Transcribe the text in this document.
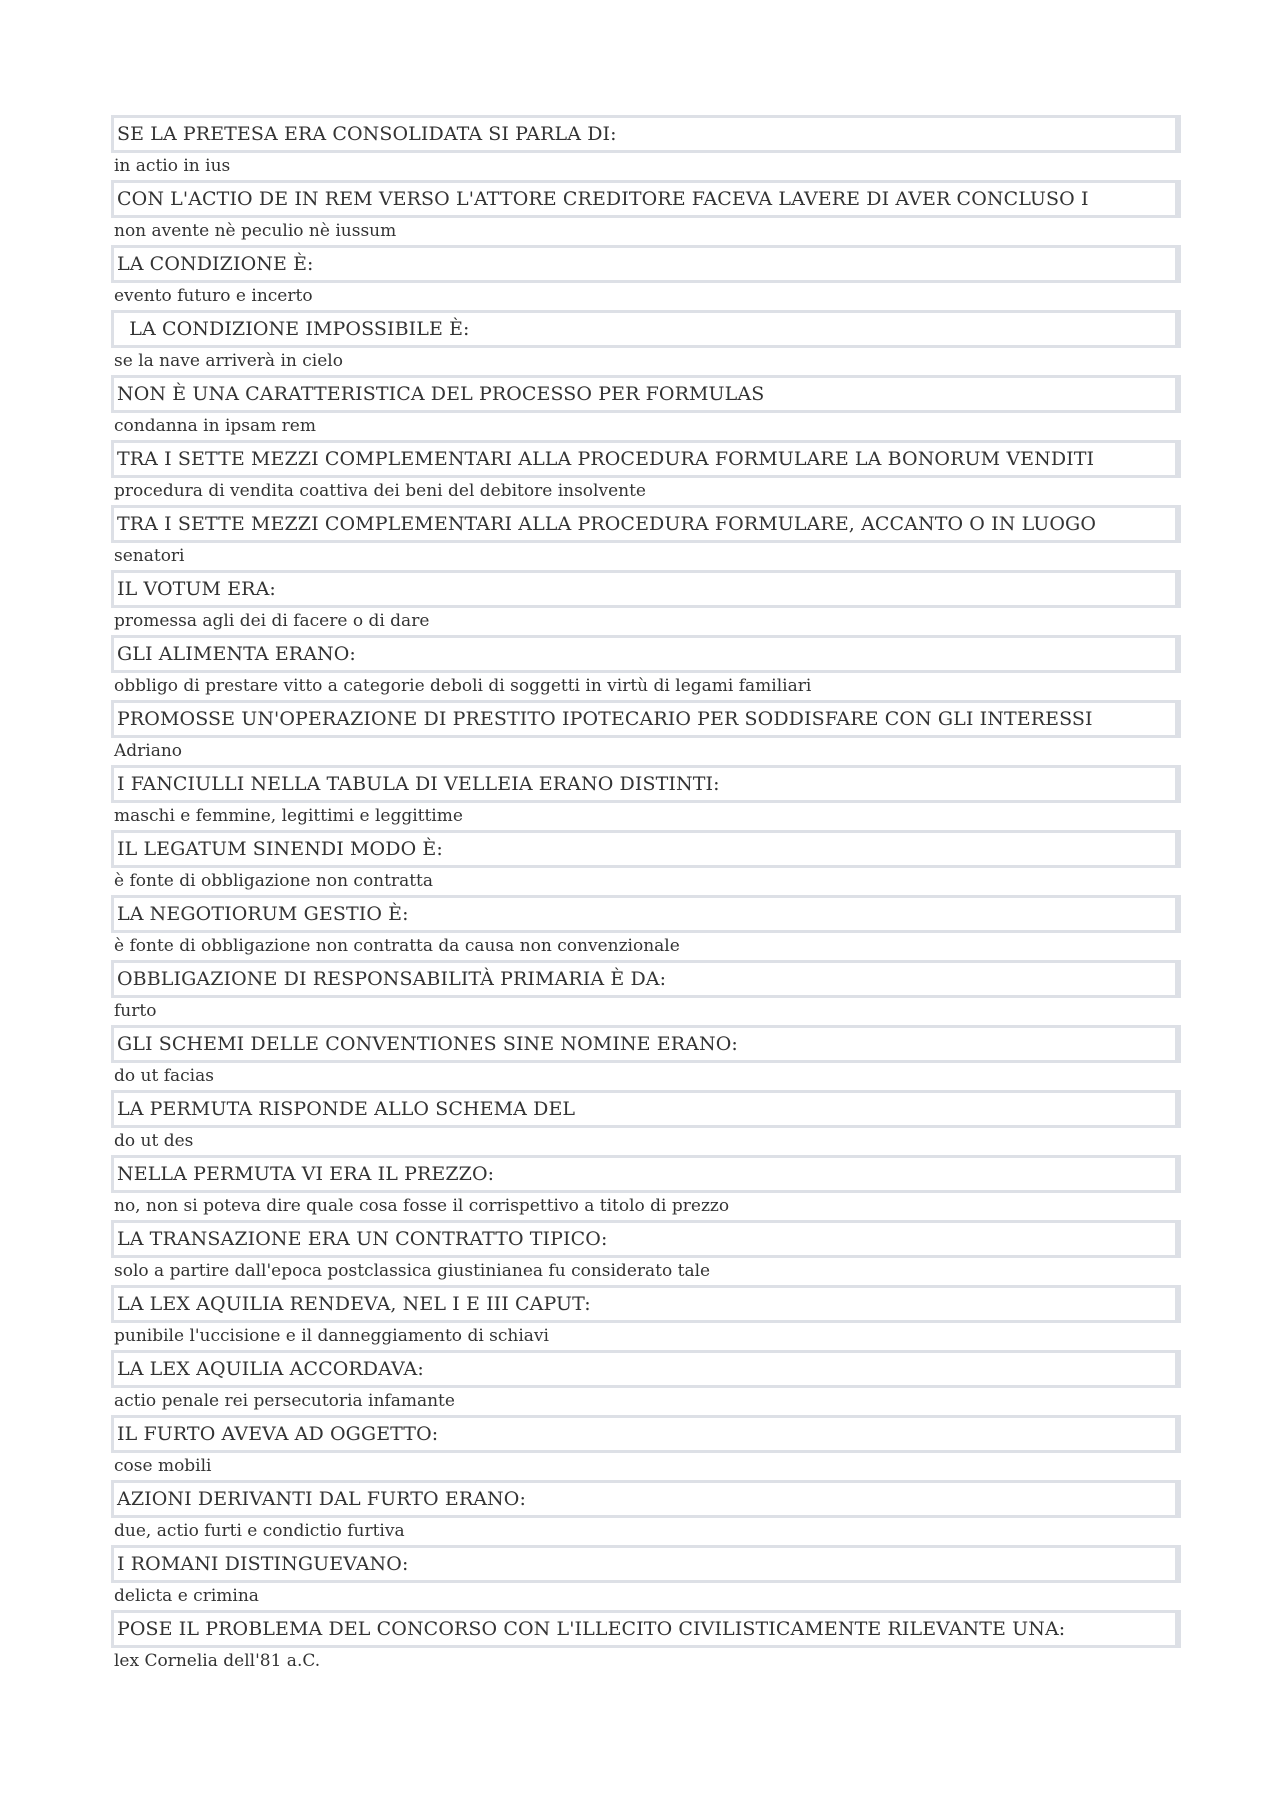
SE LA PRETESA ERA CONSOLIDATA SI PARLA DI:
in actio in ius
CON L'ACTIO DE IN REM VERSO L'ATTORE CREDITORE FACEVA LAVERE DI AVER CONCLUSO I
non avente nè peculio nè iussum
LA CONDIZIONE È:
evento futuro e incerto
LA CONDIZIONE IMPOSSIBILE È:
se la nave arriverà in cielo
NON È UNA CARATTERISTICA DEL PROCESSO PER FORMULAS
condanna in ipsam rem
TRA I SETTE MEZZI COMPLEMENTARI ALLA PROCEDURA FORMULARE LA BONORUM VENDITI
procedura di vendita coattiva dei beni del debitore insolvente
TRA I SETTE MEZZI COMPLEMENTARI ALLA PROCEDURA FORMULARE, ACCANTO O IN LUOGO
senatori
IL VOTUM ERA:
promessa agli dei di facere o di dare
GLI ALIMENTA ERANO:
obbligo di prestare vitto a categorie deboli di soggetti in virtù di legami familiari
PROMOSSE UN'OPERAZIONE DI PRESTITO IPOTECARIO PER SODDISFARE CON GLI INTERESSI
Adriano
I FANCIULLI NELLA TABULA DI VELLEIA ERANO DISTINTI:
maschi e femmine, legittimi e leggittime
IL LEGATUM SINENDI MODO È:
è fonte di obbligazione non contratta
LA NEGOTIORUM GESTIO È:
è fonte di obbligazione non contratta da causa non convenzionale
OBBLIGAZIONE DI RESPONSABILITÀ PRIMARIA È DA:
furto
GLI SCHEMI DELLE CONVENTIONES SINE NOMINE ERANO:
do ut facias
LA PERMUTA RISPONDE ALLO SCHEMA DEL
do ut des
NELLA PERMUTA VI ERA IL PREZZO:
no, non si poteva dire quale cosa fosse il corrispettivo a titolo di prezzo
LA TRANSAZIONE ERA UN CONTRATTO TIPICO:
solo a partire dall'epoca postclassica giustinianea fu considerato tale
LA LEX AQUILIA RENDEVA, NEL I E III CAPUT:
punibile l'uccisione e il danneggiamento di schiavi
LA LEX AQUILIA ACCORDAVA:
actio penale rei persecutoria infamante
IL FURTO AVEVA AD OGGETTO:
cose mobili
AZIONI DERIVANTI DAL FURTO ERANO:
due, actio furti e condictio furtiva
I ROMANI DISTINGUEVANO:
delicta e crimina
POSE IL PROBLEMA DEL CONCORSO CON L'ILLECITO CIVILISTICAMENTE RILEVANTE UNA:
lex Cornelia dell'81 a.C.
